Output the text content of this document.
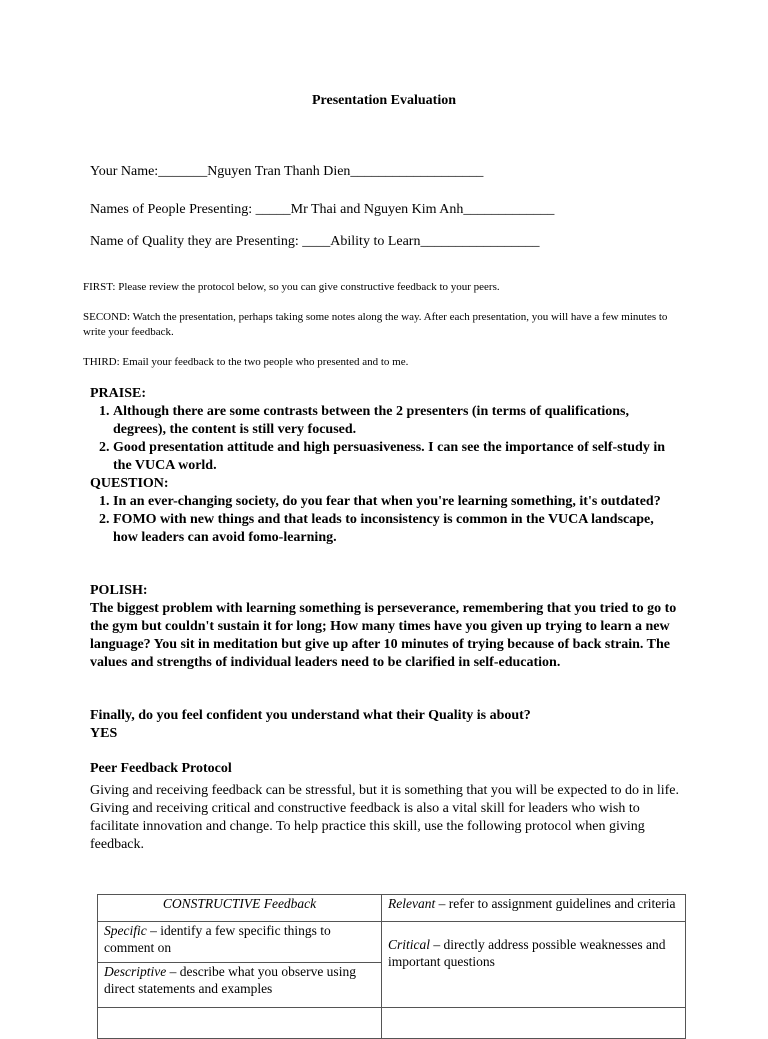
Presentation Evaluation
Your Name:_______Nguyen Tran Thanh Dien___________________
Names of People Presenting: _____Mr Thai and Nguyen Kim Anh_____________
Name of Quality they are Presenting: ____Ability to Learn_________________
FIRST: Please review the protocol below, so you can give constructive feedback to your peers.
SECOND: Watch the presentation, perhaps taking some notes along the way. After each presentation, you will have a few minutes to write your feedback.
THIRD: Email your feedback to the two people who presented and to me.
PRAISE:
1. Although there are some contrasts between the 2 presenters (in terms of qualifications, degrees), the content is still very focused.
2. Good presentation attitude and high persuasiveness. I can see the importance of self-study in the VUCA world.
QUESTION:
1. In an ever-changing society, do you fear that when you're learning something, it's outdated?
2. FOMO with new things and that leads to inconsistency is common in the VUCA landscape, how leaders can avoid fomo-learning.
POLISH:
The biggest problem with learning something is perseverance, remembering that you tried to go to the gym but couldn't sustain it for long; How many times have you given up trying to learn a new language? You sit in meditation but give up after 10 minutes of trying because of back strain. The values and strengths of individual leaders need to be clarified in self-education.
Finally, do you feel confident you understand what their Quality is about?
YES
Peer Feedback Protocol
Giving and receiving feedback can be stressful, but it is something that you will be expected to do in life. Giving and receiving critical and constructive feedback is also a vital skill for leaders who wish to facilitate innovation and change. To help practice this skill, use the following protocol when giving feedback.
CONSTRUCTIVE Feedback	Relevant – refer to assignment guidelines and criteria
Specific – identify a few specific things to comment on	Critical – directly address possible weaknesses and important questions
Descriptive – describe what you observe using direct statements and examples	
